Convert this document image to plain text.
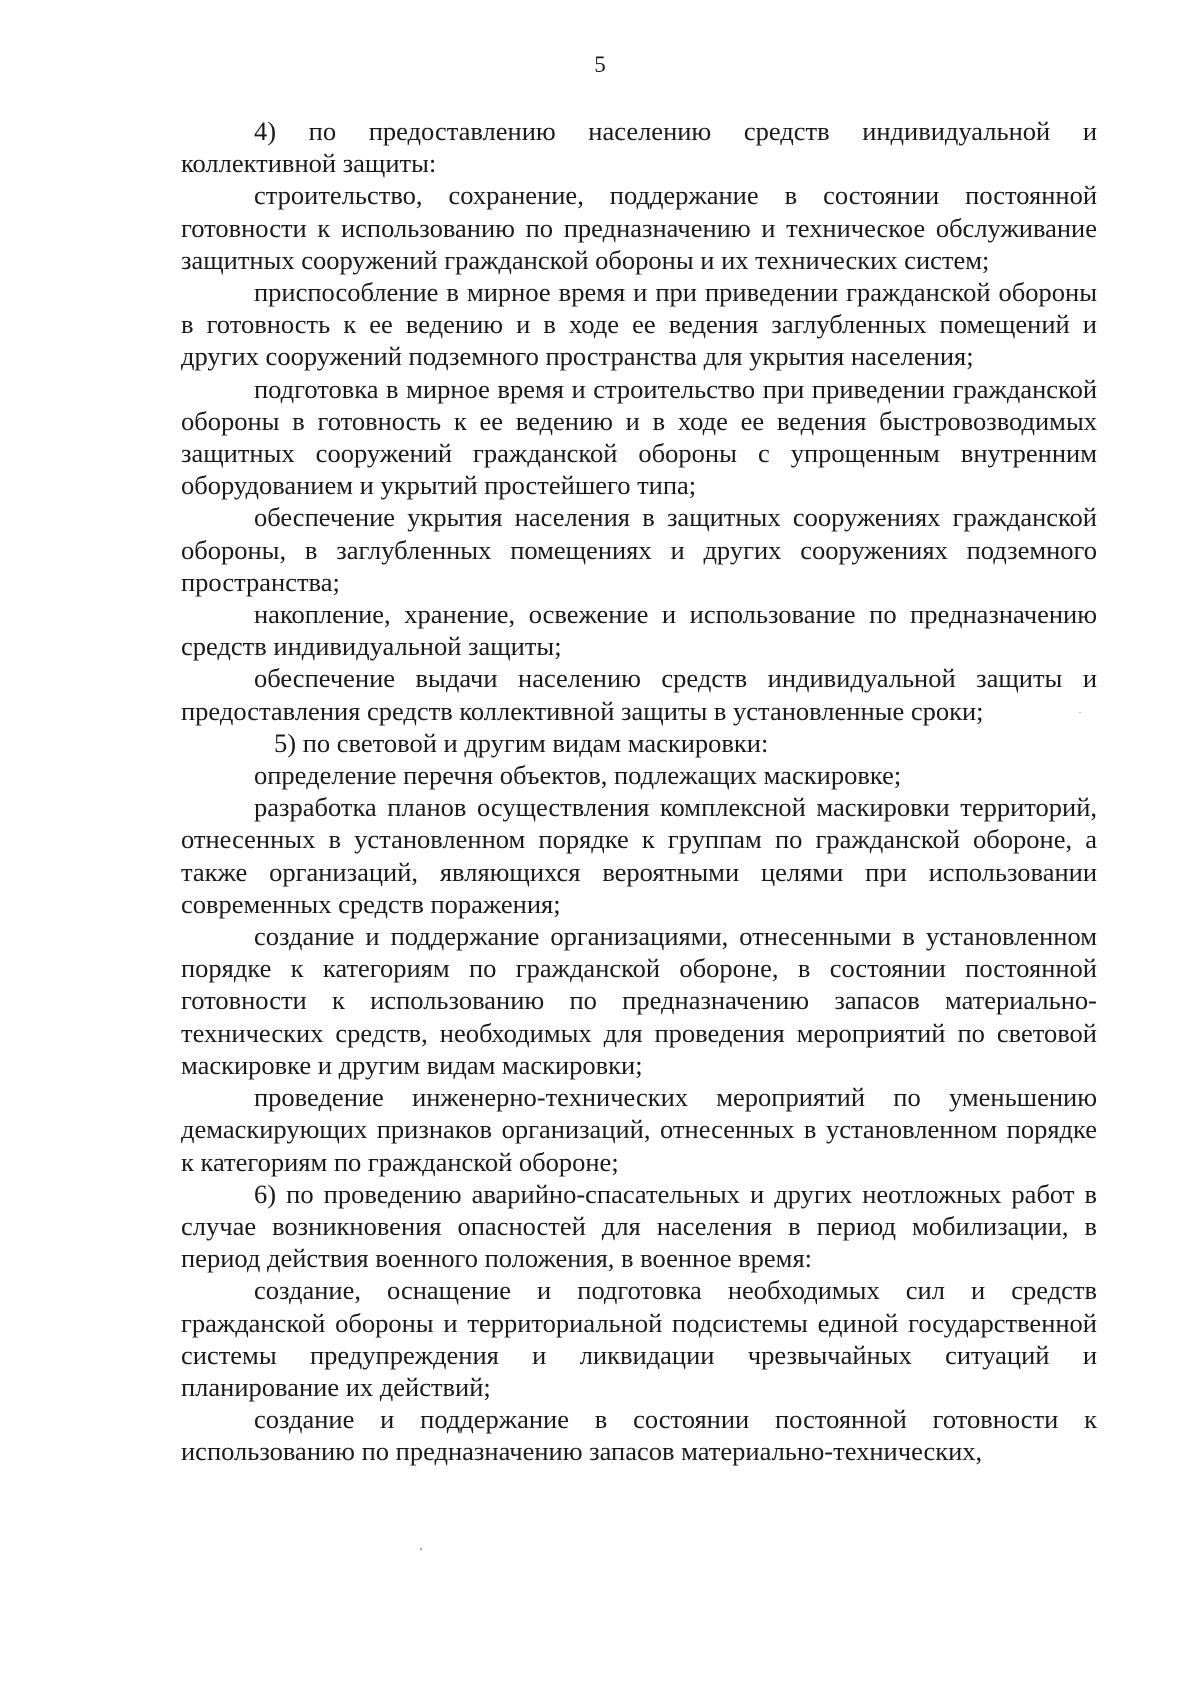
5

4) по предоставлению населению средств индивидуальной и коллективной защиты:

строительство, сохранение, поддержание в состоянии постоянной готовности к использованию по предназначению и техническое обслуживание защитных сооружений гражданской обороны и их технических систем;

приспособление в мирное время и при приведении гражданской обороны в готовность к ее ведению и в ходе ее ведения заглубленных помещений и других сооружений подземного пространства для укрытия населения;

подготовка в мирное время и строительство при приведении гражданской обороны в готовность к ее ведению и в ходе ее ведения быстровозводимых защитных сооружений гражданской обороны с упрощенным внутренним оборудованием и укрытий простейшего типа;

обеспечение укрытия населения в защитных сооружениях гражданской обороны, в заглубленных помещениях и других сооружениях подземного пространства;

накопление, хранение, освежение и использование по предназначению средств индивидуальной защиты;

обеспечение выдачи населению средств индивидуальной защиты и предоставления средств коллективной защиты в установленные сроки;

5) по световой и другим видам маскировки:

определение перечня объектов, подлежащих маскировке;

разработка планов осуществления комплексной маскировки территорий, отнесенных в установленном порядке к группам по гражданской обороне, а также организаций, являющихся вероятными целями при использовании современных средств поражения;

создание и поддержание организациями, отнесенными в установленном порядке к категориям по гражданской обороне, в состоянии постоянной готовности к использованию по предназначению запасов материально-технических средств, необходимых для проведения мероприятий по световой маскировке и другим видам маскировки;

проведение инженерно-технических мероприятий по уменьшению демаскирующих признаков организаций, отнесенных в установленном порядке к категориям по гражданской обороне;

6) по проведению аварийно-спасательных и других неотложных работ в случае возникновения опасностей для населения в период мобилизации, в период действия военного положения, в военное время:

создание, оснащение и подготовка необходимых сил и средств гражданской обороны и территориальной подсистемы единой государственной системы предупреждения и ликвидации чрезвычайных ситуаций и планирование их действий;

создание и поддержание в состоянии постоянной готовности к использованию по предназначению запасов материально-технических,
